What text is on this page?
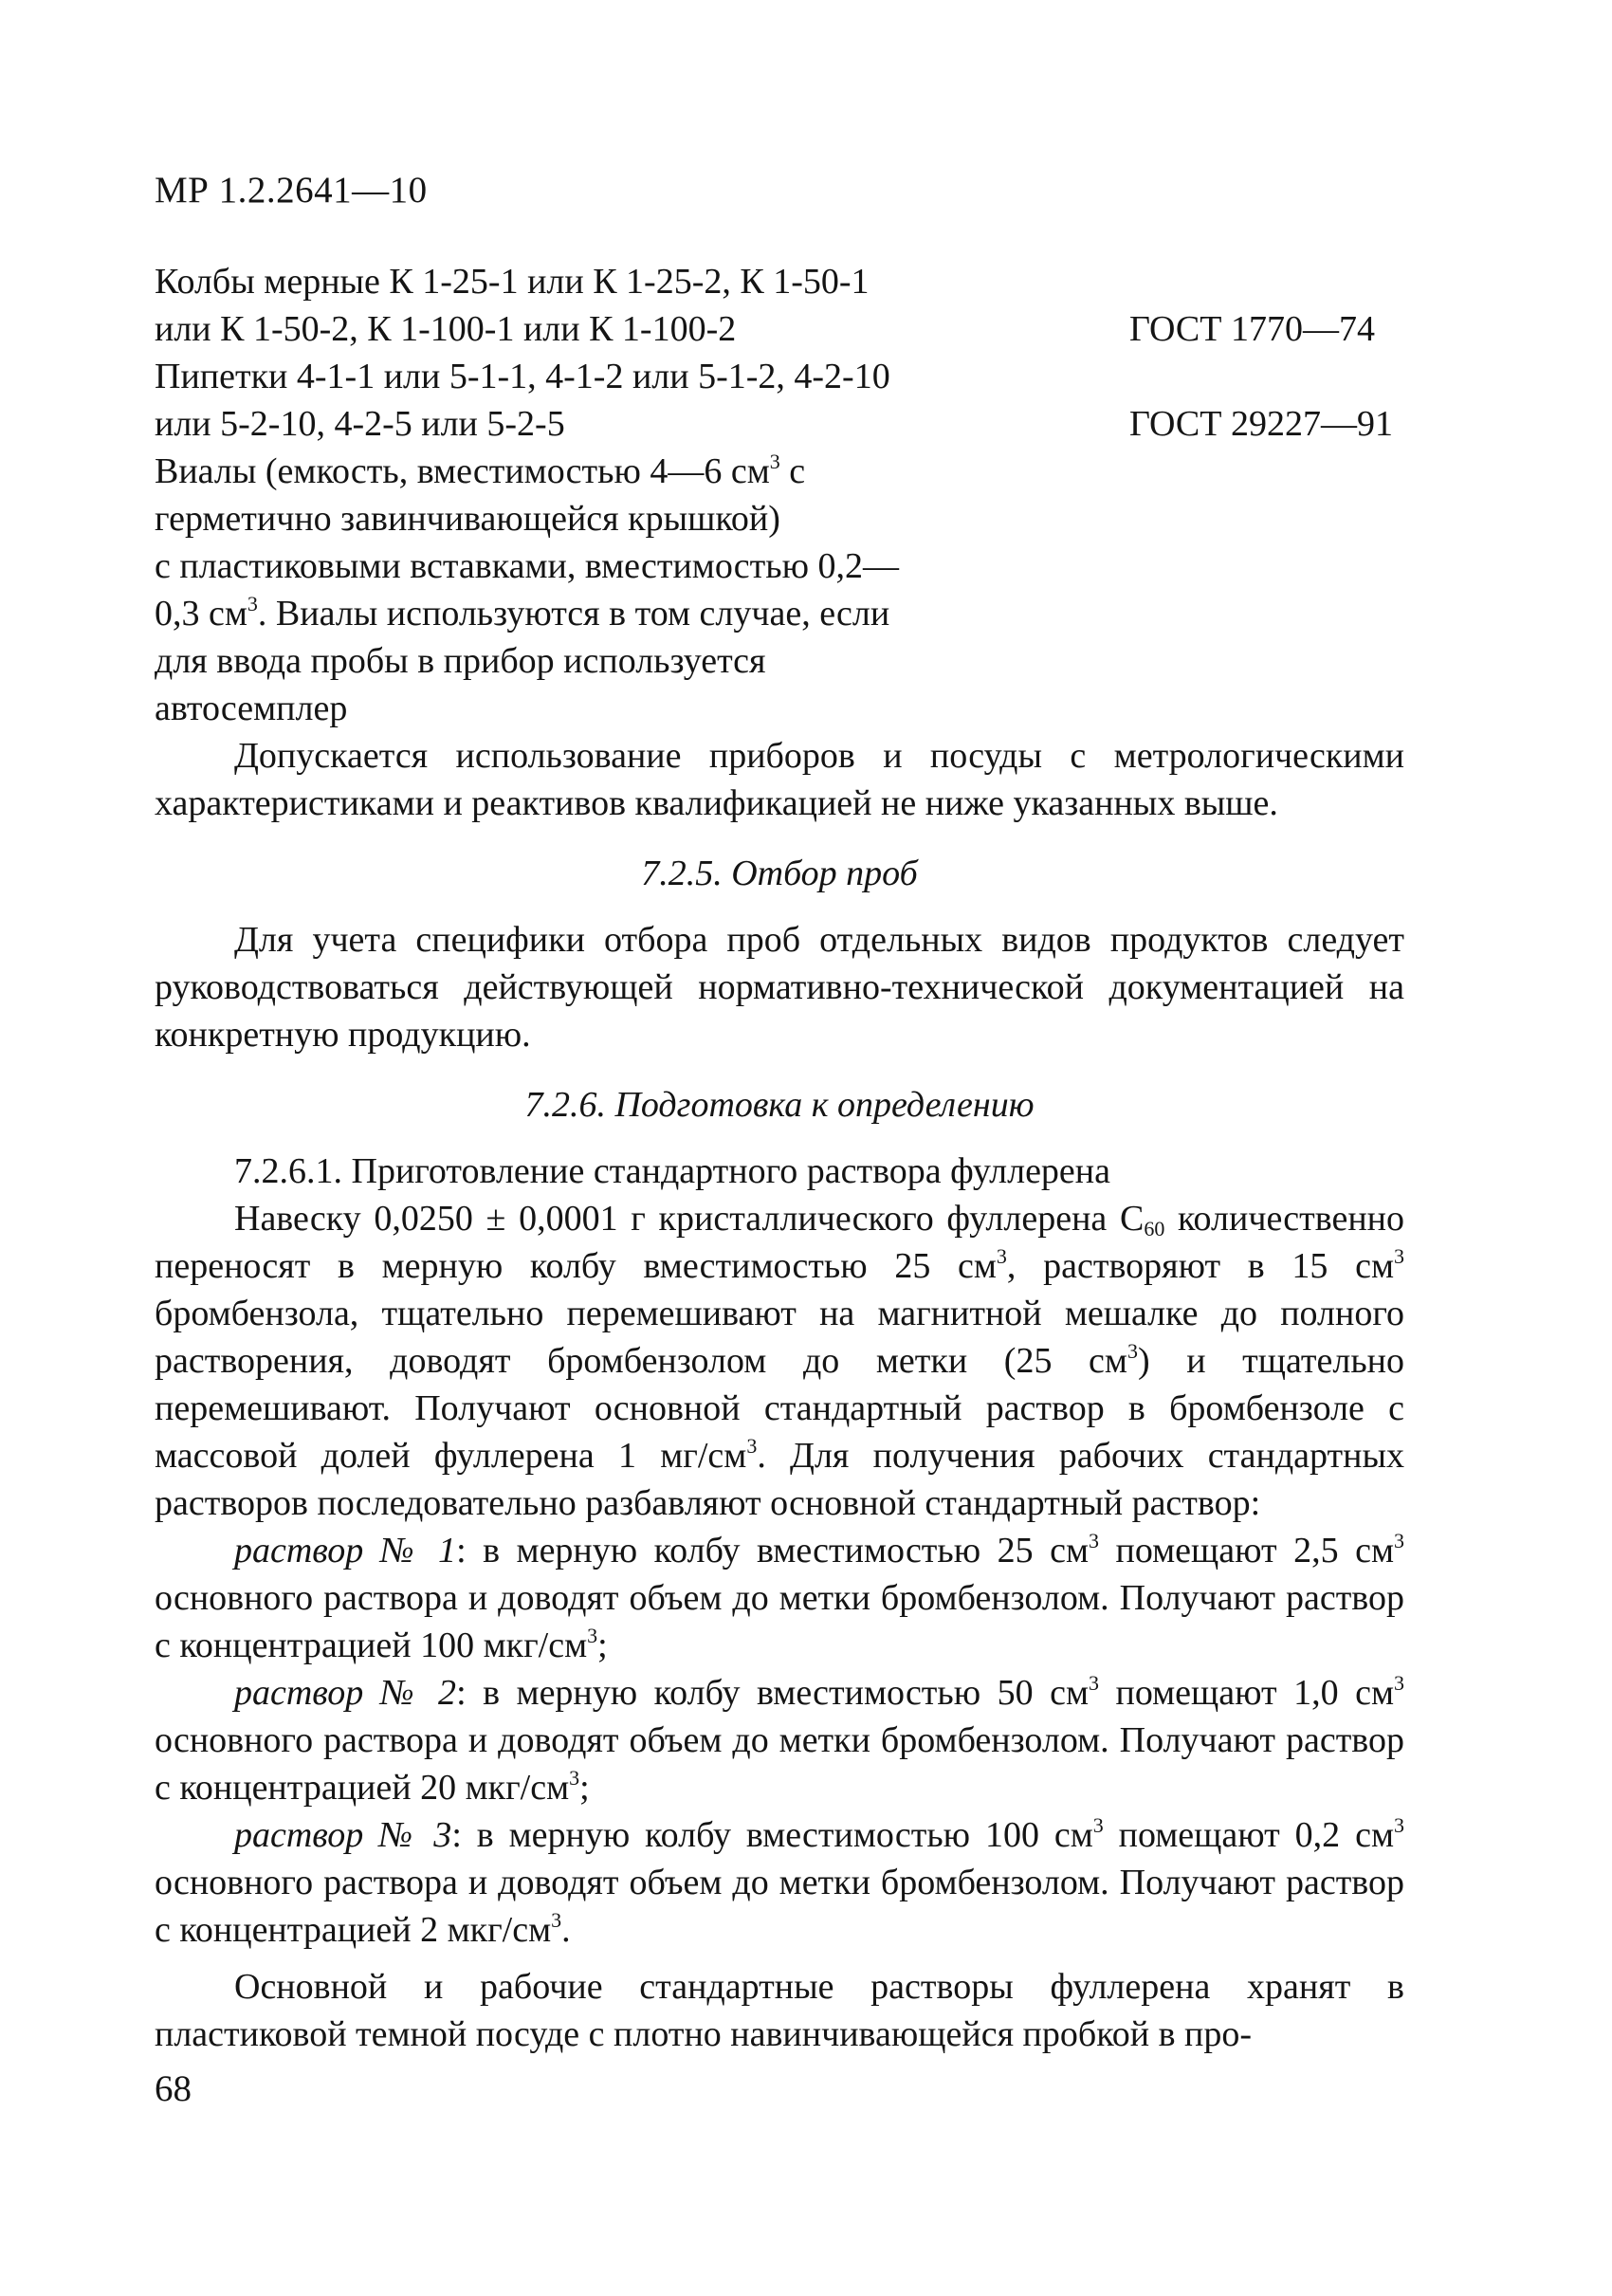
МР 1.2.2641—10
Колбы мерные К 1-25-1 или К 1-25-2, К 1-50-1
или К 1-50-2, К 1-100-1 или К 1-100-2
	ГОСТ 1770—74
Пипетки 4-1-1 или 5-1-1, 4-1-2 или 5-1-2, 4-2-10
или 5-2-10, 4-2-5 или 5-2-5
	ГОСТ 29227—91
Виалы (емкость, вместимостью 4—6 $см^3$ с
герметично завинчивающейся крышкой)
с пластиковыми вставками, вместимостью 0,2—
0,3 $см^3$. Виалы используются в том случае, если
для ввода пробы в прибор используется
автосемплер
Допускается использование приборов и посуды с метрологическими характеристиками и реактивов квалификацией не ниже указанных выше.
7.2.5. Отбор проб
Для учета специфики отбора проб отдельных видов продуктов следует руководствоваться действующей нормативно-технической документацией на конкретную продукцию.
7.2.6. Подготовка к определению
7.2.6.1. Приготовление стандартного раствора фуллерена
Навеску 0,0250 ± 0,0001 г кристаллического фуллерена $С_{60}$ количественно переносят в мерную колбу вместимостью 25 $см^3$, растворяют в 15 $см^3$ бромбензола, тщательно перемешивают на магнитной мешалке до полного растворения, доводят бромбензолом до метки (25 $см^3$) и тщательно перемешивают. Получают основной стандартный раствор в бромбензоле с массовой долей фуллерена 1 $мг/см^3$. Для получения рабочих стандартных растворов последовательно разбавляют основной стандартный раствор:
раствор № 1: в мерную колбу вместимостью 25 $см^3$ помещают 2,5 $см^3$ основного раствора и доводят объем до метки бромбензолом. Получают раствор с концентрацией 100 мкг/$см^3$;
раствор № 2: в мерную колбу вместимостью 50 $см^3$ помещают 1,0 $см^3$ основного раствора и доводят объем до метки бромбензолом. Получают раствор с концентрацией 20 мкг/$см^3$;
раствор № 3: в мерную колбу вместимостью 100 $см^3$ помещают 0,2 $см^3$ основного раствора и доводят объем до метки бромбензолом. Получают раствор с концентрацией 2 мкг/$см^3$.
Основной и рабочие стандартные растворы фуллерена хранят в пластиковой темной посуде с плотно навинчивающейся пробкой в про-
68
